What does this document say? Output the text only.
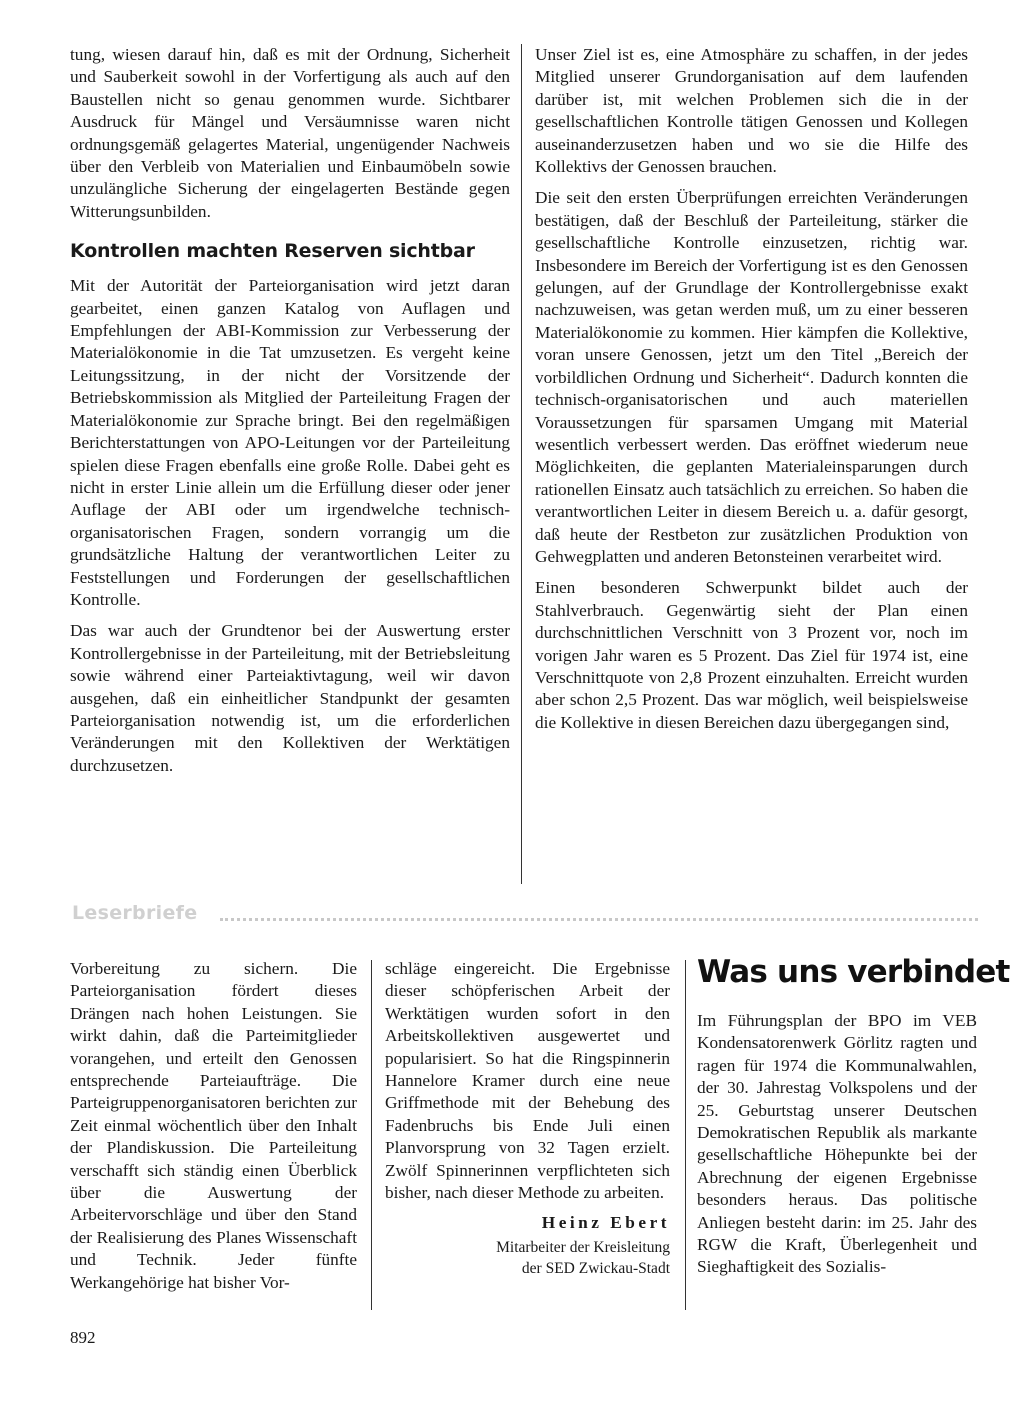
tung, wiesen darauf hin, daß es mit der Ordnung, Sicherheit und Sauberkeit sowohl in der Vorfertigung als auch auf den Baustellen nicht so genau genommen wurde. Sichtbarer Ausdruck für Mängel und Versäumnisse waren nicht ordnungsgemäß gelagertes Material, ungenügender Nachweis über den Verbleib von Materialien und Einbaumöbeln sowie unzulängliche Sicherung der eingelagerten Bestände gegen Witterungsunbilden.

Kontrollen machten Reserven sichtbar

Mit der Autorität der Parteiorganisation wird jetzt daran gearbeitet, einen ganzen Katalog von Auflagen und Empfehlungen der ABI-Kommission zur Verbesserung der Materialökonomie in die Tat umzusetzen. Es vergeht keine Leitungssitzung, in der nicht der Vorsitzende der Betriebskommission als Mitglied der Parteileitung Fragen der Materialökonomie zur Sprache bringt. Bei den regelmäßigen Berichterstattungen von APO-Leitungen vor der Parteileitung spielen diese Fragen ebenfalls eine große Rolle. Dabei geht es nicht in erster Linie allein um die Erfüllung dieser oder jener Auflage der ABI oder um irgendwelche technisch-organisatorischen Fragen, sondern vorrangig um die grundsätzliche Haltung der verantwortlichen Leiter zu Feststellungen und Forderungen der gesellschaftlichen Kontrolle.

Das war auch der Grundtenor bei der Auswertung erster Kontrollergebnisse in der Parteileitung, mit der Betriebsleitung sowie während einer Parteiaktivtagung, weil wir davon ausgehen, daß ein einheitlicher Standpunkt der gesamten Parteiorganisation notwendig ist, um die erforderlichen Veränderungen mit den Kollektiven der Werktätigen durchzusetzen.

Unser Ziel ist es, eine Atmosphäre zu schaffen, in der jedes Mitglied unserer Grundorganisation auf dem laufenden darüber ist, mit welchen Problemen sich die in der gesellschaftlichen Kontrolle tätigen Genossen und Kollegen auseinanderzusetzen haben und wo sie die Hilfe des Kollektivs der Genossen brauchen.

Die seit den ersten Überprüfungen erreichten Veränderungen bestätigen, daß der Beschluß der Parteileitung, stärker die gesellschaftliche Kontrolle einzusetzen, richtig war. Insbesondere im Bereich der Vorfertigung ist es den Genossen gelungen, auf der Grundlage der Kontrollergebnisse exakt nachzuweisen, was getan werden muß, um zu einer besseren Materialökonomie zu kommen. Hier kämpfen die Kollektive, voran unsere Genossen, jetzt um den Titel „Bereich der vorbildlichen Ordnung und Sicherheit“. Dadurch konnten die technisch-organisatorischen und auch materiellen Voraussetzungen für sparsamen Umgang mit Material wesentlich verbessert werden. Das eröffnet wiederum neue Möglichkeiten, die geplanten Materialeinsparungen durch rationellen Einsatz auch tatsächlich zu erreichen. So haben die verantwortlichen Leiter in diesem Bereich u. a. dafür gesorgt, daß heute der Restbeton zur zusätzlichen Produktion von Gehwegplatten und anderen Betonsteinen verarbeitet wird.

Einen besonderen Schwerpunkt bildet auch der Stahlverbrauch. Gegenwärtig sieht der Plan einen durchschnittlichen Verschnitt von 3 Prozent vor, noch im vorigen Jahr waren es 5 Prozent. Das Ziel für 1974 ist, eine Verschnittquote von 2,8 Prozent einzuhalten. Erreicht wurden aber schon 2,5 Prozent. Das war möglich, weil beispielsweise die Kollektive in diesen Bereichen dazu übergegangen sind,

Leserbriefe

Vorbereitung zu sichern. Die Parteiorganisation fördert dieses Drängen nach hohen Leistungen. Sie wirkt dahin, daß die Parteimitglieder vorangehen, und erteilt den Genossen entsprechende Parteiaufträge. Die Parteigruppenorganisatoren berichten zur Zeit einmal wöchentlich über den Inhalt der Plandiskussion. Die Parteileitung verschafft sich ständig einen Überblick über die Auswertung der Arbeitervorschläge und über den Stand der Realisierung des Planes Wissenschaft und Technik. Jeder fünfte Werkangehörige hat bisher Vor-

schläge eingereicht. Die Ergebnisse dieser schöpferischen Arbeit der Werktätigen wurden sofort in den Arbeitskollektiven ausgewertet und popularisiert. So hat die Ringspinnerin Hannelore Kramer durch eine neue Griffmethode mit der Behebung des Fadenbruchs bis Ende Juli einen Planvorsprung von 32 Tagen erzielt. Zwölf Spinnerinnen verpflichteten sich bisher, nach dieser Methode zu arbeiten.

Heinz Ebert

Mitarbeiter der Kreisleitung

der SED Zwickau-Stadt

Was uns verbindet

Im Führungsplan der BPO im VEB Kondensatorenwerk Görlitz ragten und ragen für 1974 die Kommunalwahlen, der 30. Jahrestag Volkspolens und der 25. Geburtstag unserer Deutschen Demokratischen Republik als markante gesellschaftliche Höhepunkte bei der Abrechnung der eigenen Ergebnisse besonders heraus. Das politische Anliegen besteht darin: im 25. Jahr des RGW die Kraft, Überlegenheit und Sieghaftigkeit des Sozialis-

892
